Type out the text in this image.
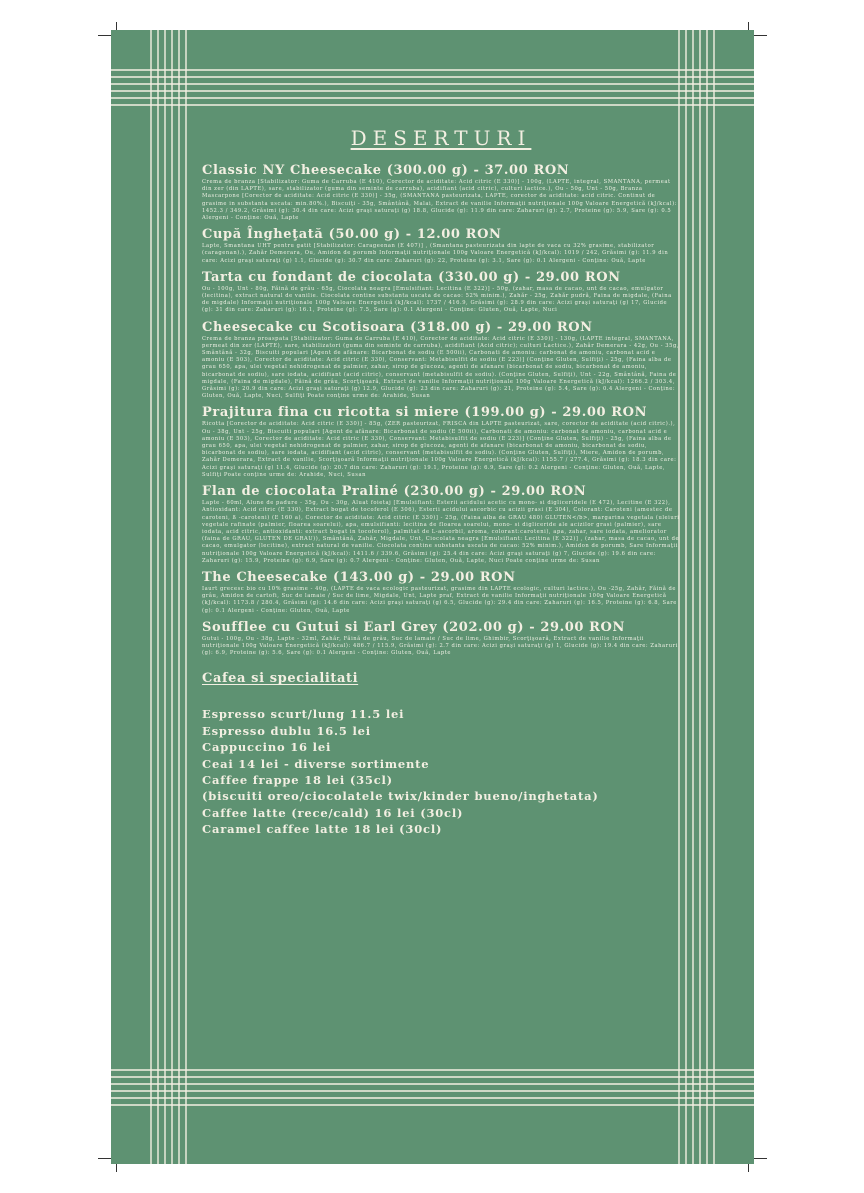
DESERTURI
Classic NY Cheesecake (300.00 g) - 37.00 RON
Crema de branza [Stabilizator: Guma de Carruba (E 410), Corector de aciditate: Acid citric (E 330)] - 100g, (LAPTE, integral, SMANTANA, permeat din zer (din LAPTE), sare, stabilizator (guma din seminte de carruba), acidifiant (acid citric), culturi lactice.), Ou - 50g, Unt - 50g, Branza Mascarpone [Corector de aciditate: Acid citric (E 330)] - 35g, (SMANTANA pasteurizata, LAPTE, corector de aciditate: acid citric. Continut de grasime in substanta uscata: min.80%.), Biscuiţi - 35g, Smântână, Malai, Extract de vanilie Informaţii nutriţionale 100g Valoare Energetică (kJ/kcal): 1452.3 / 349.2, Grăsimi (g): 30.4 din care: Acizi graşi saturaţi (g) 18.8, Glucide (g): 11.9 din care: Zaharuri (g): 2.7, Proteine (g): 5.9, Sare (g): 0.5 Alergeni - Conţine: Ouă, Lapte
Cupă Îngheţată (50.00 g) - 12.00 RON
Lapte, Smantana UHT pentru gatit [Stabilizator: Carageenan (E 407)] , (Smantana pasteurizata din lapte de vaca cu 32% grasime, stabilizator (caragenan).), Zahăr Demerara, Ou, Amidon de porumb Informaţii nutriţionale 100g Valoare Energetică (kJ/kcal): 1019 / 242, Grăsimi (g): 11.9 din care: Acizi graşi saturaţi (g) 1.1, Glucide (g): 30.7 din care: Zaharuri (g): 22, Proteine (g): 3.1, Sare (g): 0.1 Alergeni - Conţine: Ouă, Lapte
Tarta cu fondant de ciocolata (330.00 g) - 29.00 RON
Ou - 100g, Unt - 80g, Făină de grâu - 65g, Ciocolata neagra [Emulsifiant: Lecitina (E 322)] - 50g, (zahar, masa de cacao, unt de cacao, emulgator (lecitina), extract natural de vanilie. Ciocolata contine substanta uscata de cacao: 52% minim.), Zahăr - 25g, Zahăr pudră, Faina de migdale, (Faina de migdale) Informaţii nutriţionale 100g Valoare Energetică (kJ/kcal): 1737 / 416.9, Grăsimi (g): 28.9 din care: Acizi graşi saturaţi (g) 17, Glucide (g): 31 din care: Zaharuri (g): 16.1, Proteine (g): 7.5, Sare (g): 0.1 Alergeni - Conţine: Gluten, Ouă, Lapte, Nuci
Cheesecake cu Scotisoara (318.00 g) - 29.00 RON
Crema de branza proaspata [Stabilizator: Guma de Carruba (E 410), Corector de aciditate: Acid citric (E 330)] - 130g, (LAPTE integral, SMANTANA, permeat din zer (LAPTE), sare, stabilizatori (guma din seminte de carruba), acidifiant (Acid citric); culturi Lactice.), Zahăr Demerara - 42g, Ou - 35g, Smântână - 32g, Biscuiti populari [Agent de afânare: Bicarbonat de sodiu (E 500ii), Carbonati de amoniu: carbonat de amoniu, carbonat acid e amoniu (E 503), Corector de aciditate: Acid citric (E 330), Conservant: Metabisulfit de sodiu (E 223)] (Conţine Gluten, Sulfiţi) - 25g, (Faina alba de grau 650, apa, ulei vegetal nehidrogenat de palmier, zahar, sirop de glucoza, agenti de afanare (bicarbonat de sodiu, bicarbonat de amoniu, bicarbonat de sodiu), sare iodata, acidifiant (acid citric), conservant (metabisulfit de sodiu). (Conţine Gluten, Sulfiţi), Unt - 22g, Smântână, Faina de migdale, (Faina de migdale), Făină de grâu, Scorţişoară, Extract de vanilie Informaţii nutriţionale 100g Valoare Energetică (kJ/kcal): 1266.2 / 303.4, Grăsimi (g): 20.9 din care: Acizi graşi saturaţi (g) 12.9, Glucide (g): 23 din care: Zaharuri (g): 21, Proteine (g): 5.4, Sare (g): 0.4 Alergeni - Conţine: Gluten, Ouă, Lapte, Nuci, Sulfiţi Poate conţine urme de: Arahide, Susan
Prajitura fina cu ricotta si miere (199.00 g) - 29.00 RON
Ricotta [Corector de aciditate: Acid citric (E 330)] - 85g, (ZER pasteurizat, FRISCA din LAPTE pasteurizat, sare, corector de aciditate (acid citric).), Ou - 38g, Unt - 25g, Biscuiti populari [Agent de afânare: Bicarbonat de sodiu (E 500ii), Carbonati de amoniu: carbonat de amoniu, carbonat acid e amoniu (E 503), Corector de aciditate: Acid citric (E 330), Conservant: Metabisulfit de sodiu (E 223)] (Conţine Gluten, Sulfiţi) - 25g, (Faina alba de grau 650, apa, ulei vegetal nehidrogenat de palmier, zahar, sirop de glucoza, agenti de afanare (bicarbonat de amoniu, bicarbonat de sodiu, bicarbonat de sodiu), sare iodata, acidifiant (acid citric), conservant (metabisulfit de sodiu). (Conţine Gluten, Sulfiţi), Miere, Amidon de porumb, Zahăr Demerara, Extract de vanilie, Scorţişoară Informaţii nutriţionale 100g Valoare Energetică (kJ/kcal): 1155.7 / 277.4, Grăsimi (g): 18.3 din care: Acizi graşi saturaţi (g) 11.4, Glucide (g): 20.7 din care: Zaharuri (g): 19.1, Proteine (g): 6.9, Sare (g): 0.2 Alergeni - Conţine: Gluten, Ouă, Lapte, Sulfiţi Poate conţine urme de: Arahide, Nuci, Susan
Flan de ciocolata Praliné (230.00 g) - 29.00 RON
Lapte - 60ml, Alune de padure - 35g, Ou - 30g, Aluat foietaj [Emulsifiant: Esterii acidului acetic cu mono- si digliceridele (E 472), Lecitine (E 322), Antioxidant: Acid citric (E 330), Extract bogat de tocoferol (E 306), Esterii acidului ascorbic cu acizii grasi (E 304), Colorant: Caroteni (amestec de caroteni, ß -caroteni) (E 160 a), Corector de aciditate: Acid citric (E 330)] - 25g, (Faina alba de GRAU 480) GLUTEN</b>, margarina vegetala (uleiuri vegetale rafinate (palmier, floarea soarelui), apa, emulsifianti: lecitina de floarea soarelui, mono- si digliceride ale acizilor grasi (palmier), sare iodata, acid citric, antioxidanti: extract bogat in tocoferol), palmitat de L-ascorbil, aroma, colorant:caroteni), apa, zahar, sare iodata, ameliorator (faina de GRAU, GLUTEN DE GRAU)), Smântână, Zahăr, Migdale, Unt, Ciocolata neagra [Emulsifiant: Lecitina (E 322)] , (zahar, masa de cacao, unt de cacao, emulgator (lecitine), extract natural de vanilie. Ciocolata contine substanta uscata de cacao: 52% minim.), Amidon de porumb, Sare Informaţii nutriţionale 100g Valoare Energetică (kJ/kcal): 1411.6 / 339.6, Grăsimi (g): 25.4 din care: Acizi graşi saturaţi (g) 7, Glucide (g): 19.6 din care: Zaharuri (g): 15.9, Proteine (g): 6.9, Sare (g): 0.7 Alergeni - Conţine: Gluten, Ouă, Lapte, Nuci Poate conţine urme de: Susan
The Cheesecake (143.00 g) - 29.00 RON
Iaurt grecesc bio cu 10% grasime - 40g, (LAPTE de vaca ecologic pasteurizat, grasime din LAPTE ecologic, culturi lactice.), Ou -25g, Zahăr, Făină de grâu, Amidon de cartofi, Suc de lamaie / Suc de lime, Migdale, Unt, Lapte praf, Extract de vanilie Informaţii nutriţionale 100g Valoare Energetică (kJ/kcal): 1173.8 / 280.4, Grăsimi (g): 14.6 din care: Acizi graşi saturaţi (g) 6.5, Glucide (g): 29.4 din care: Zaharuri (g): 16.5, Proteine (g): 6.8, Sare (g): 0.1 Alergeni - Conţine: Gluten, Ouă, Lapte
Soufflee cu Gutui si Earl Grey (202.00 g) - 29.00 RON
Gutui - 100g, Ou - 38g, Lapte - 32ml, Zahăr, Făină de grâu, Suc de lamaie / Suc de lime, Ghimbir, Scorţişoară, Extract de vanilie Informaţii nutriţionale 100g Valoare Energetică (kJ/kcal): 486.7 / 115.9, Grăsimi (g): 2.7 din care: Acizi graşi saturaţi (g) 1, Glucide (g): 19.4 din care: Zaharuri (g): 6.9, Proteine (g): 5.6, Sare (g): 0.1 Alergeni - Conţine: Gluten, Ouă, Lapte
Cafea si specialitati
Espresso scurt/lung 11.5 lei
Espresso dublu 16.5 lei
Cappuccino 16 lei
Ceai 14 lei - diverse sortimente
Caffee frappe 18 lei (35cl)
(biscuiti oreo/ciocolatele twix/kinder bueno/inghetata)
Caffee latte (rece/cald) 16 lei (30cl)
Caramel caffee latte 18 lei (30cl)
